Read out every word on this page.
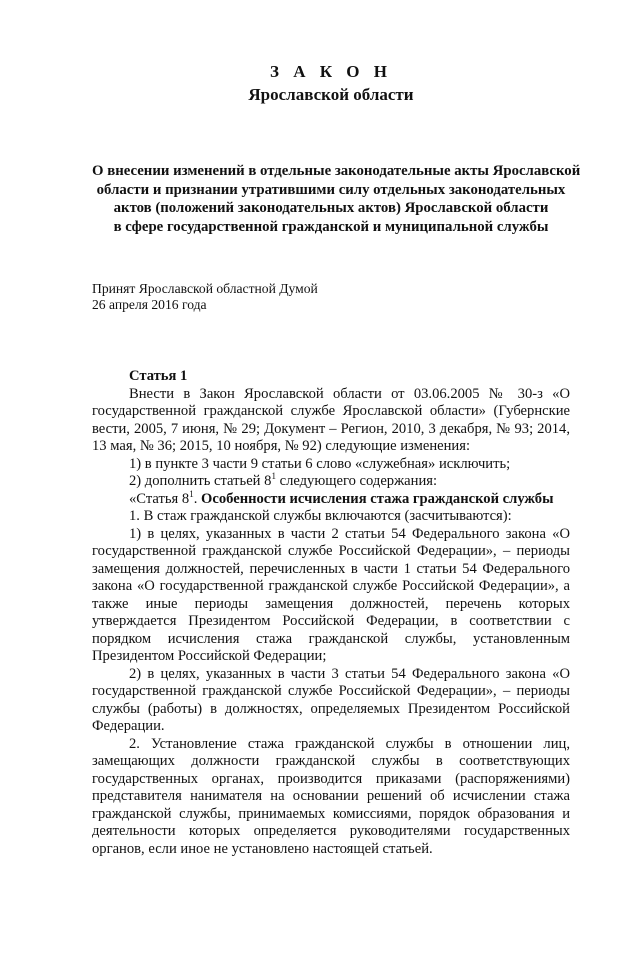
З А К О Н
Ярославской области
О внесении изменений в отдельные законодательные акты Ярославской
области и признании утратившими силу отдельных законодательных
актов (положений законодательных актов) Ярославской области
в сфере государственной гражданской и муниципальной службы
Принят Ярославской областной Думой
26 апреля 2016 года
Статья 1
Внести в Закон Ярославской области от 03.06.2005 № 30-з «О государственной гражданской службе Ярославской области» (Губернские вести, 2005, 7 июня, № 29; Документ – Регион, 2010, 3 декабря, № 93; 2014, 13 мая, № 36; 2015, 10 ноября, № 92) следующие изменения:
1) в пункте 3 части 9 статьи 6 слово «служебная» исключить;
2) дополнить статьей $8^1$ следующего содержания:
«Статья $8^1$. Особенности исчисления стажа гражданской службы
1. В стаж гражданской службы включаются (засчитываются):
1) в целях, указанных в части 2 статьи 54 Федерального закона «О государственной гражданской службе Российской Федерации», – периоды замещения должностей, перечисленных в части 1 статьи 54 Федерального закона «О государственной гражданской службе Российской Федерации», а также иные периоды замещения должностей, перечень которых утверждается Президентом Российской Федерации, в соответствии с порядком исчисления стажа гражданской службы, установленным Президентом Российской Федерации;
2) в целях, указанных в части 3 статьи 54 Федерального закона «О государственной гражданской службе Российской Федерации», – периоды службы (работы) в должностях, определяемых Президентом Российской Федерации.
2. Установление стажа гражданской службы в отношении лиц, замещающих должности гражданской службы в соответствующих государственных органах, производится приказами (распоряжениями) представителя нанимателя на основании решений об исчислении стажа гражданской службы, принимаемых комиссиями, порядок образования и деятельности которых определяется руководителями государственных органов, если иное не установлено настоящей статьей.
